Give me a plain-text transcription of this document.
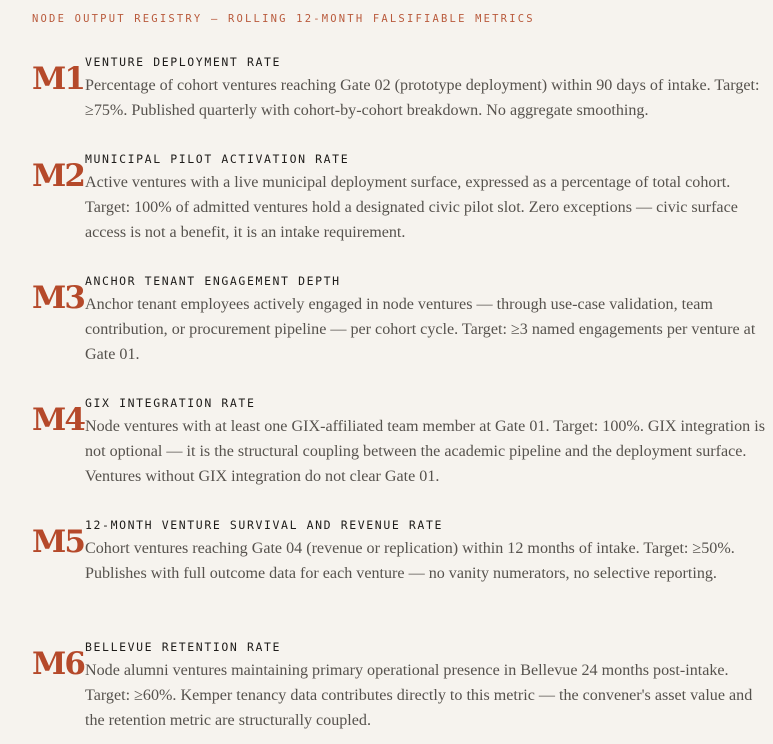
NODE OUTPUT REGISTRY — ROLLING 12-MONTH FALSIFIABLE METRICS
M1 VENTURE DEPLOYMENT RATE
Percentage of cohort ventures reaching Gate 02 (prototype deployment) within 90 days of intake. Target: ≥75%. Published quarterly with cohort-by-cohort breakdown. No aggregate smoothing.
M2 MUNICIPAL PILOT ACTIVATION RATE
Active ventures with a live municipal deployment surface, expressed as a percentage of total cohort. Target: 100% of admitted ventures hold a designated civic pilot slot. Zero exceptions — civic surface access is not a benefit, it is an intake requirement.
M3 ANCHOR TENANT ENGAGEMENT DEPTH
Anchor tenant employees actively engaged in node ventures — through use-case validation, team contribution, or procurement pipeline — per cohort cycle. Target: ≥3 named engagements per venture at Gate 01.
M4 GIX INTEGRATION RATE
Node ventures with at least one GIX-affiliated team member at Gate 01. Target: 100%. GIX integration is not optional — it is the structural coupling between the academic pipeline and the deployment surface. Ventures without GIX integration do not clear Gate 01.
M5 12-MONTH VENTURE SURVIVAL AND REVENUE RATE
Cohort ventures reaching Gate 04 (revenue or replication) within 12 months of intake. Target: ≥50%. Publishes with full outcome data for each venture — no vanity numerators, no selective reporting.
M6 BELLEVUE RETENTION RATE
Node alumni ventures maintaining primary operational presence in Bellevue 24 months post-intake. Target: ≥60%. Kemper tenancy data contributes directly to this metric — the convener's asset value and the retention metric are structurally coupled.
